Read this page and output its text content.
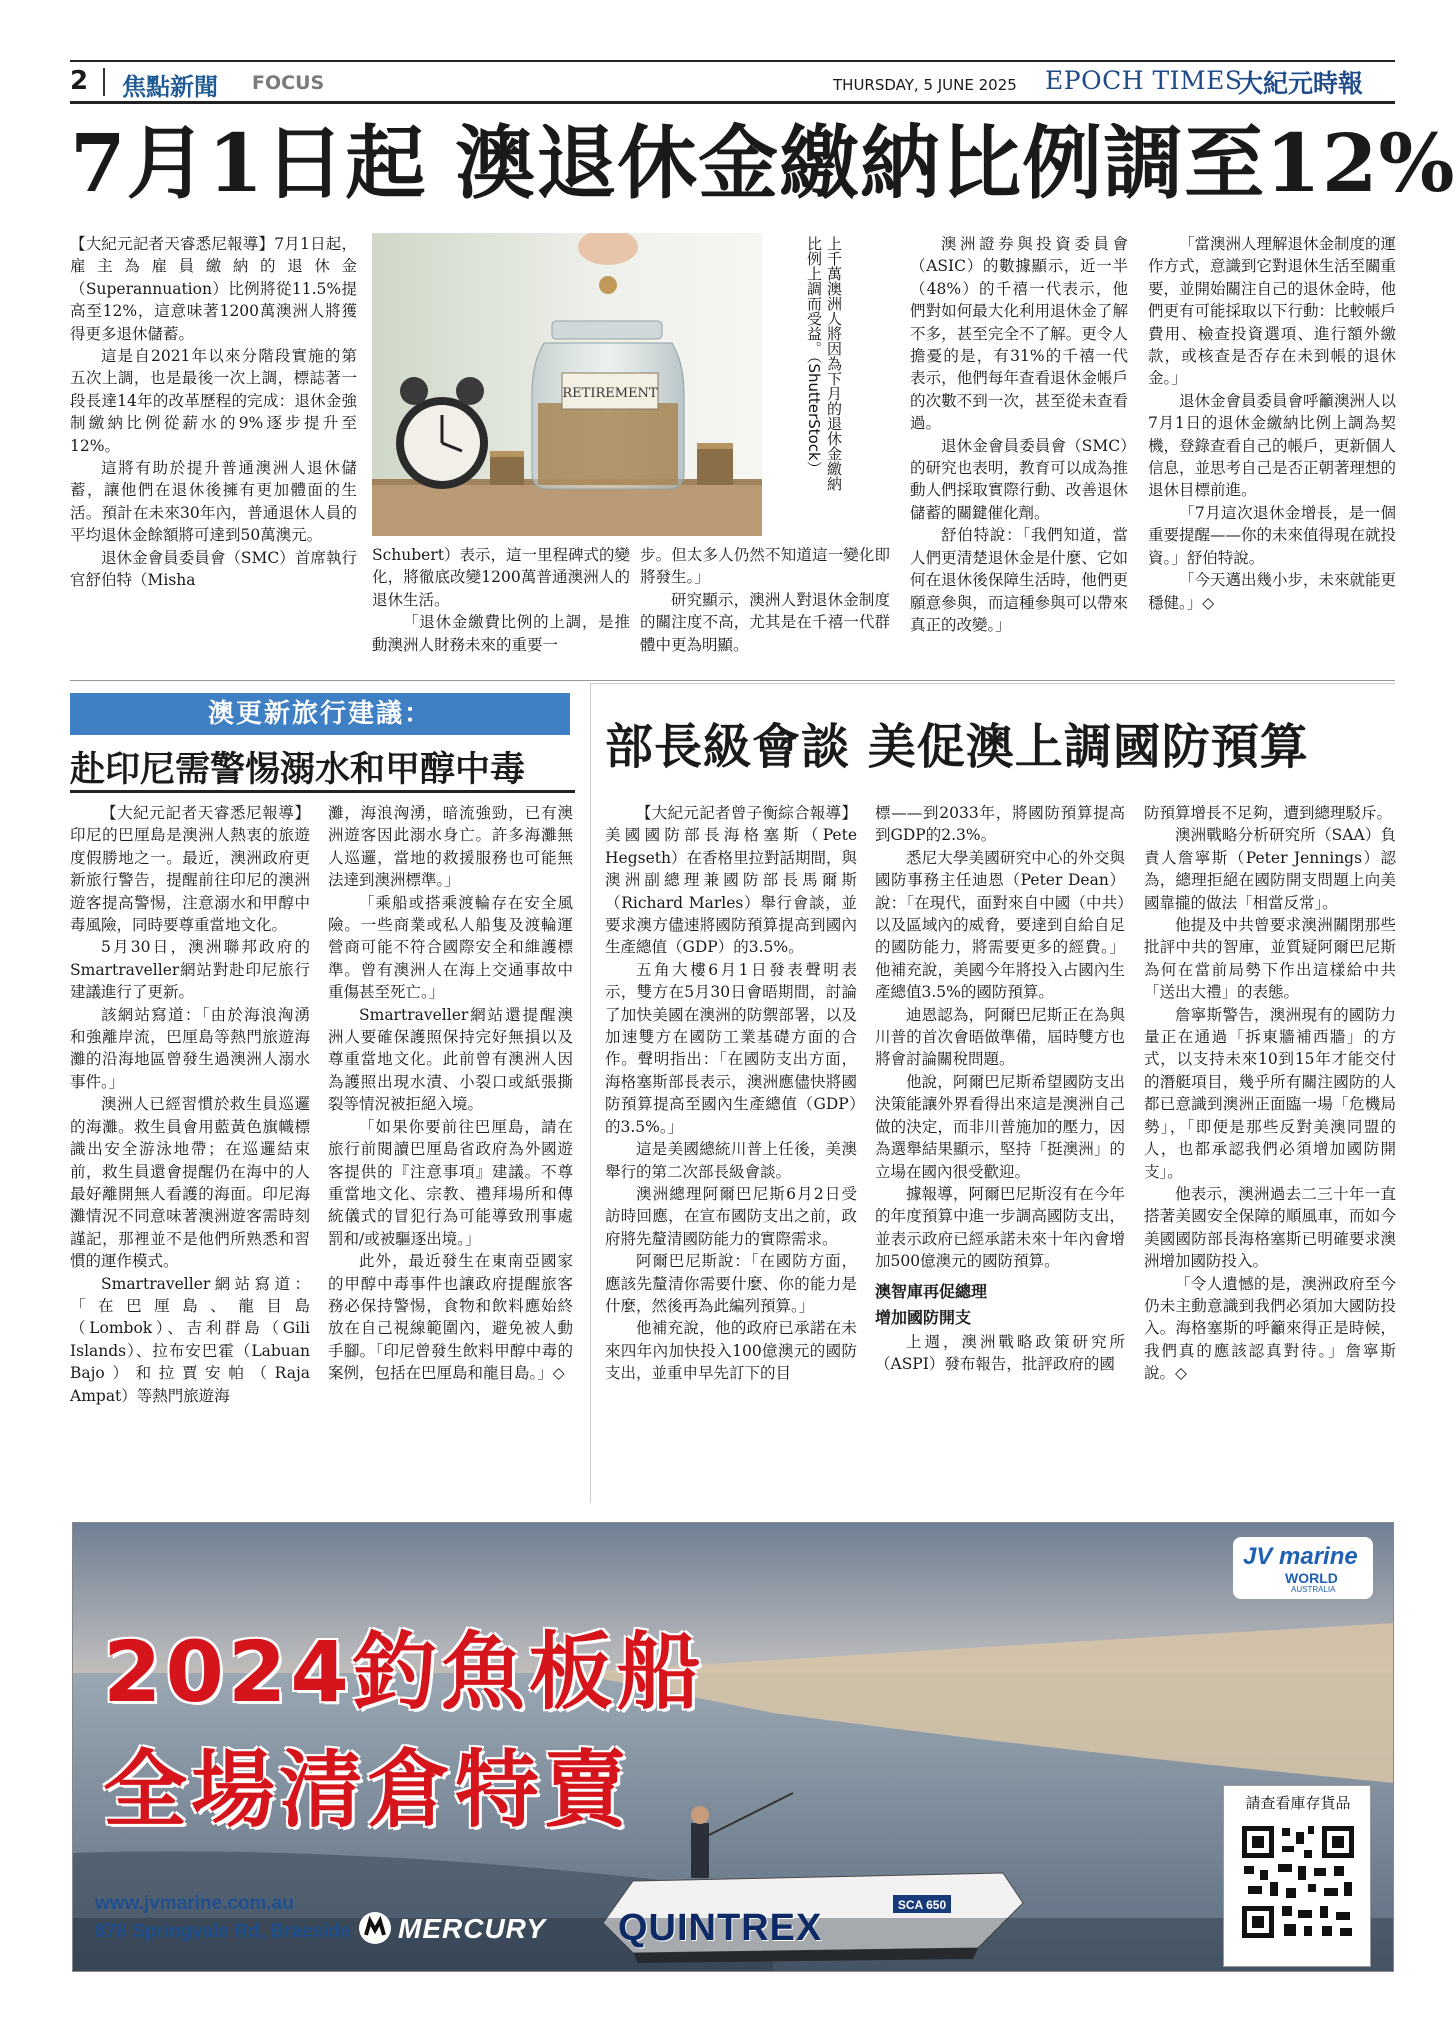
2 焦點新聞 FOCUS	THURSDAY, 5 JUNE 2025 EPOCH TIMES
大紀元時報
7月1日起 澳退休金繳納比例調至12%

【大紀元記者天睿悉尼報導】7月1日起，雇主為雇員繳納的退休金（Superannuation）比例將從11.5%提高至12%，這意味著1200萬澳洲人將獲得更多退休儲蓄。

這是自2021年以來分階段實施的第五次上調，也是最後一次上調，標誌著一段長達14年的改革歷程的完成：退休金強制繳納比例從薪水的9%逐步提升至12%。

這將有助於提升普通澳洲人退休儲蓄，讓他們在退休後擁有更加體面的生活。預計在未來30年內，普通退休人員的平均退休金餘額將可達到50萬澳元。

退休金會員委員會（SMC）首席執行官舒伯特（Misha

RETIREMENT	上千萬澳洲人將因為下月的退休金繳納比例上調而受益。（ShutterStock）

Schubert）表示，這一里程碑式的變化，將徹底改變1200萬普通澳洲人的退休生活。

「退休金繳費比例的上調，是推動澳洲人財務未來的重要一

步。但太多人仍然不知道這一變化即將發生。」

研究顯示，澳洲人對退休金制度的關注度不高，尤其是在千禧一代群體中更為明顯。

澳洲證券與投資委員會（ASIC）的數據顯示，近一半（48%）的千禧一代表示，他們對如何最大化利用退休金了解不多，甚至完全不了解。更令人擔憂的是，有31%的千禧一代表示，他們每年查看退休金帳戶的次數不到一次，甚至從未查看過。

退休金會員委員會（SMC）的研究也表明，教育可以成為推動人們採取實際行動、改善退休儲蓄的關鍵催化劑。

舒伯特說：「我們知道，當人們更清楚退休金是什麼、它如何在退休後保障生活時，他們更願意參與，而這種參與可以帶來真正的改變。」

「當澳洲人理解退休金制度的運作方式，意識到它對退休生活至關重要，並開始關注自己的退休金時，他們更有可能採取以下行動：比較帳戶費用、檢查投資選項、進行額外繳款，或核查是否存在未到帳的退休金。」

退休金會員委員會呼籲澳洲人以7月1日的退休金繳納比例上調為契機，登錄查看自己的帳戶，更新個人信息，並思考自己是否正朝著理想的退休目標前進。

「7月這次退休金增長，是一個重要提醒——你的未來值得現在就投資。」舒伯特說。

「今天邁出幾小步，未來就能更穩健。」◇

澳更新旅行建議：
赴印尼需警惕溺水和甲醇中毒

【大紀元記者天睿悉尼報導】印尼的巴厘島是澳洲人熱衷的旅遊度假勝地之一。最近，澳洲政府更新旅行警告，提醒前往印尼的澳洲遊客提高警惕，注意溺水和甲醇中毒風險，同時要尊重當地文化。

5月30日，澳洲聯邦政府的Smartraveller網站對赴印尼旅行建議進行了更新。

該網站寫道：「由於海浪洶湧和強離岸流，巴厘島等熱門旅遊海灘的沿海地區曾發生過澳洲人溺水事件。」

澳洲人已經習慣於救生員巡邏的海灘。救生員會用藍黃色旗幟標識出安全游泳地帶；在巡邏結束前，救生員還會提醒仍在海中的人最好離開無人看護的海面。印尼海灘情況不同意味著澳洲遊客需時刻謹記，那裡並不是他們所熟悉和習慣的運作模式。

Smartraveller網站寫道：「在巴厘島、龍目島（Lombok）、吉利群島（Gili Islands）、拉布安巴霍（Labuan Bajo）和拉賈安帕（Raja Ampat）等熱門旅遊海

灘，海浪洶湧，暗流強勁，已有澳洲遊客因此溺水身亡。許多海灘無人巡邏，當地的救援服務也可能無法達到澳洲標準。」

「乘船或搭乘渡輪存在安全風險。一些商業或私人船隻及渡輪運營商可能不符合國際安全和維護標準。曾有澳洲人在海上交通事故中重傷甚至死亡。」

Smartraveller網站還提醒澳洲人要確保護照保持完好無損以及尊重當地文化。此前曾有澳洲人因為護照出現水漬、小裂口或紙張撕裂等情況被拒絕入境。

「如果你要前往巴厘島，請在旅行前閱讀巴厘島省政府為外國遊客提供的『注意事項』建議。不尊重當地文化、宗教、禮拜場所和傳統儀式的冒犯行為可能導致刑事處罰和/或被驅逐出境。」

此外，最近發生在東南亞國家的甲醇中毒事件也讓政府提醒旅客務必保持警惕，食物和飲料應始終放在自己視線範圍內，避免被人動手腳。「印尼曾發生飲料甲醇中毒的案例，包括在巴厘島和龍目島。」◇

部長級會談 美促澳上調國防預算

【大紀元記者曾子衡綜合報導】美國國防部長海格塞斯（Pete Hegseth）在香格里拉對話期間，與澳洲副總理兼國防部長馬爾斯（Richard Marles）舉行會談，並要求澳方儘速將國防預算提高到國內生產總值（GDP）的3.5%。

五角大樓6月1日發表聲明表示，雙方在5月30日會晤期間，討論了加快美國在澳洲的防禦部署，以及加速雙方在國防工業基礎方面的合作。聲明指出：「在國防支出方面，海格塞斯部長表示，澳洲應儘快將國防預算提高至國內生產總值（GDP）的3.5%。」

這是美國總統川普上任後，美澳舉行的第二次部長級會談。

澳洲總理阿爾巴尼斯6月2日受訪時回應，在宣布國防支出之前，政府將先釐清國防能力的實際需求。

阿爾巴尼斯說：「在國防方面，應該先釐清你需要什麼、你的能力是什麼，然後再為此編列預算。」

他補充說，他的政府已承諾在未來四年內加快投入100億澳元的國防支出，並重申早先訂下的目

標——到2033年，將國防預算提高到GDP的2.3%。

悉尼大學美國研究中心的外交與國防事務主任迪恩（Peter Dean）說：「在現代，面對來自中國（中共）以及區域內的威脅，要達到自給自足的國防能力，將需要更多的經費。」他補充說，美國今年將投入占國內生產總值3.5%的國防預算。

迪恩認為，阿爾巴尼斯正在為與川普的首次會晤做準備，屆時雙方也將會討論關稅問題。

他說，阿爾巴尼斯希望國防支出決策能讓外界看得出來這是澳洲自己做的決定，而非川普施加的壓力，因為選舉結果顯示，堅持「挺澳洲」的立場在國內很受歡迎。

據報導，阿爾巴尼斯沒有在今年的年度預算中進一步調高國防支出，並表示政府已經承諾未來十年內會增加500億澳元的國防預算。

澳智庫再促總理

增加國防開支

上週，澳洲戰略政策研究所（ASPI）發布報告，批評政府的國

防預算增長不足夠，遭到總理駁斥。

澳洲戰略分析研究所（SAA）負責人詹寧斯（Peter Jennings）認為，總理拒絕在國防開支問題上向美國靠攏的做法「相當反常」。

他提及中共曾要求澳洲關閉那些批評中共的智庫，並質疑阿爾巴尼斯為何在當前局勢下作出這樣給中共「送出大禮」的表態。

詹寧斯警告，澳洲現有的國防力量正在通過「拆東牆補西牆」的方式，以支持未來10到15年才能交付的潛艇項目，幾乎所有關注國防的人都已意識到澳洲正面臨一場「危機局勢」，「即便是那些反對美澳同盟的人，也都承認我們必須增加國防開支」。

他表示，澳洲過去二三十年一直搭著美國安全保障的順風車，而如今美國國防部長海格塞斯已明確要求澳洲增加國防投入。

「令人遺憾的是，澳洲政府至今仍未主動意識到我們必須加大國防投入。海格塞斯的呼籲來得正是時候，我們真的應該認真對待。」詹寧斯說。◇

SCA 650
2024釣魚板船
全場清倉特賣
www.jvmarine.com.au
878 Springvale Rd, Braeside MERCURY QUINTREX
JV marine
WORLD
AUSTRALIA
請查看庫存貨品
